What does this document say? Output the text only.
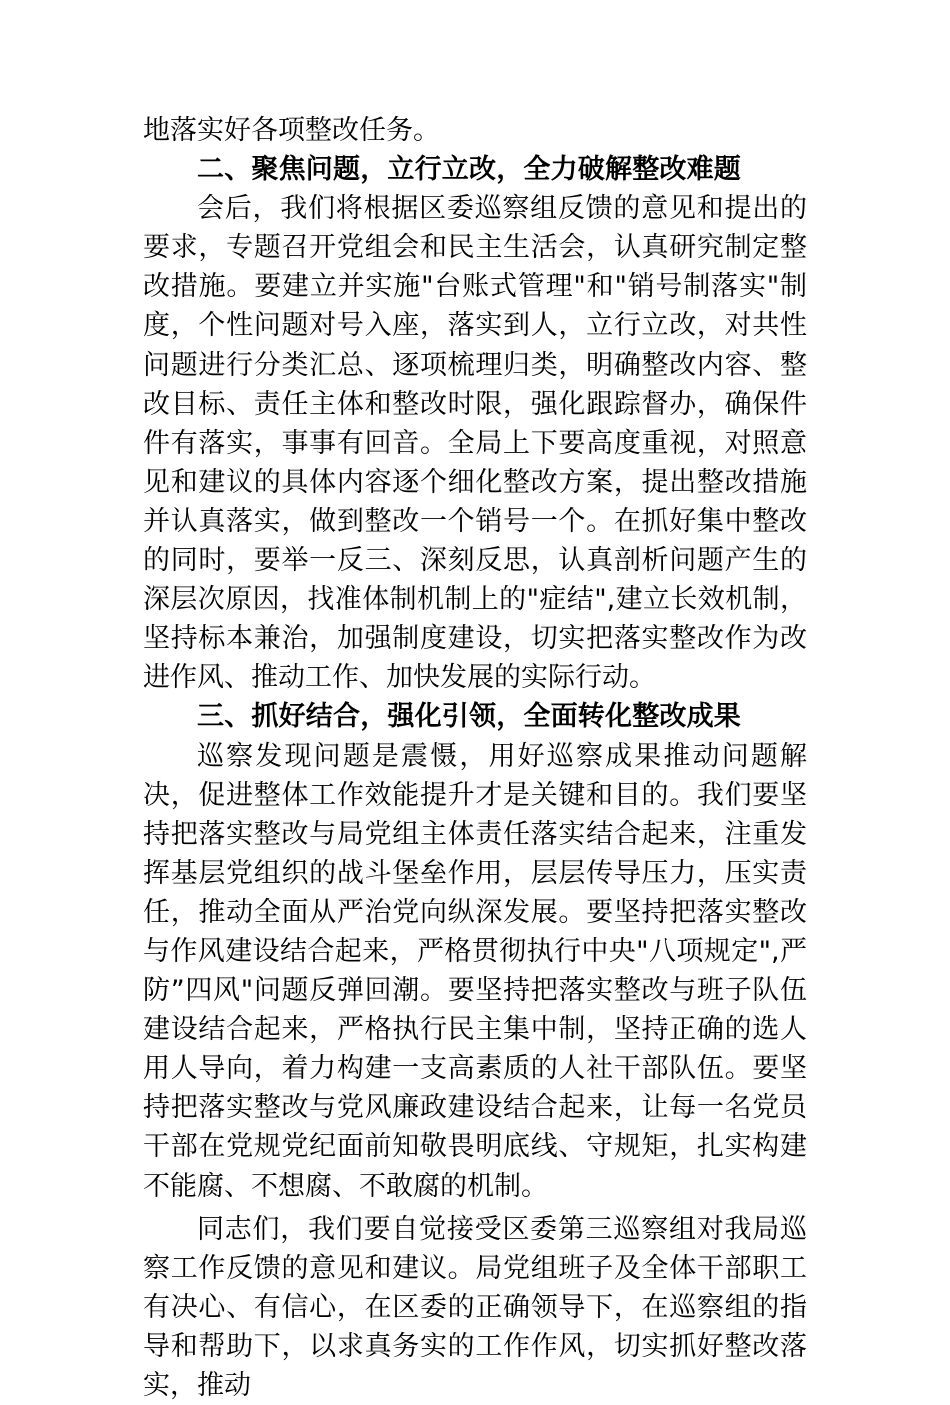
地落实好各项整改任务。

二、聚焦问题，立行立改，全力破解整改难题

会后，我们将根据区委巡察组反馈的意见和提出的要求，专题召开党组会和民主生活会，认真研究制定整改措施。要建立并实施"台账式管理"和"销号制落实"制度，个性问题对号入座，落实到人，立行立改，对共性问题进行分类汇总、逐项梳理归类，明确整改内容、整改目标、责任主体和整改时限，强化跟踪督办，确保件件有落实，事事有回音。全局上下要高度重视，对照意见和建议的具体内容逐个细化整改方案，提出整改措施并认真落实，做到整改一个销号一个。在抓好集中整改的同时，要举一反三、深刻反思，认真剖析问题产生的深层次原因，找准体制机制上的"症结",建立长效机制，坚持标本兼治，加强制度建设，切实把落实整改作为改进作风、推动工作、加快发展的实际行动。

三、抓好结合，强化引领，全面转化整改成果

巡察发现问题是震慑，用好巡察成果推动问题解决，促进整体工作效能提升才是关键和目的。我们要坚持把落实整改与局党组主体责任落实结合起来，注重发挥基层党组织的战斗堡垒作用，层层传导压力，压实责任，推动全面从严治党向纵深发展。要坚持把落实整改与作风建设结合起来，严格贯彻执行中央"八项规定",严防”四风"问题反弹回潮。要坚持把落实整改与班子队伍建设结合起来，严格执行民主集中制，坚持正确的选人用人导向，着力构建一支高素质的人社干部队伍。要坚持把落实整改与党风廉政建设结合起来，让每一名党员干部在党规党纪面前知敬畏明底线、守规矩，扎实构建不能腐、不想腐、不敢腐的机制。

同志们，我们要自觉接受区委第三巡察组对我局巡察工作反馈的意见和建议。局党组班子及全体干部职工有决心、有信心，在区委的正确领导下，在巡察组的指导和帮助下，以求真务实的工作作风，切实抓好整改落实，推动
